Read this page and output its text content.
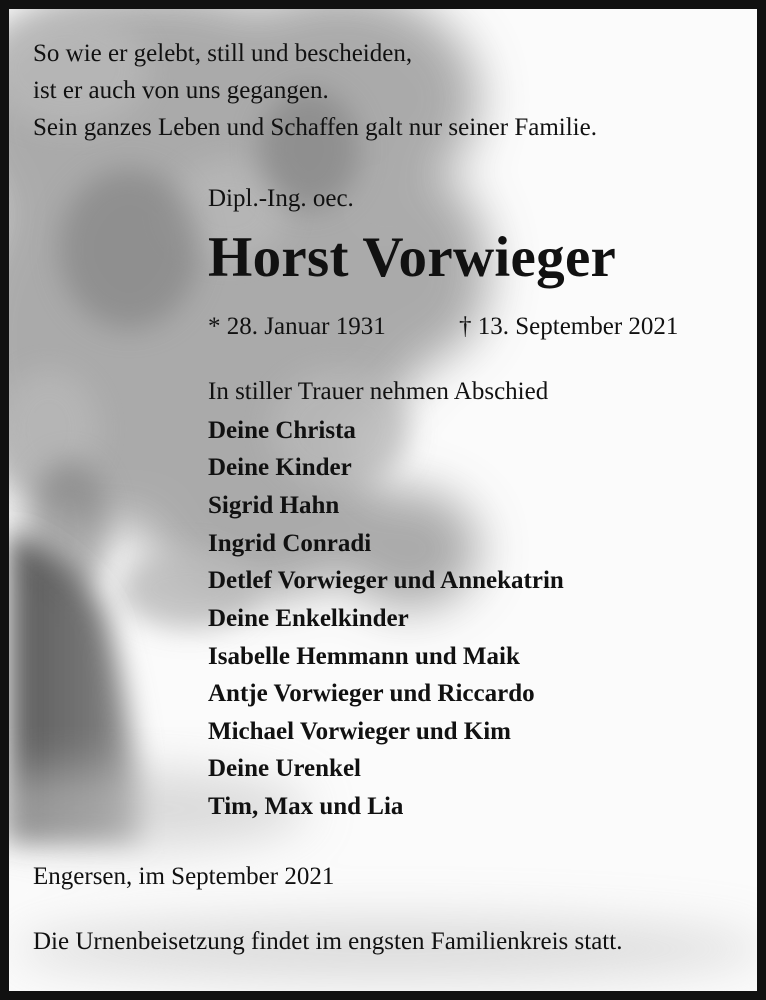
So wie er gelebt, still und bescheiden,
ist er auch von uns gegangen.
Sein ganzes Leben und Schaffen galt nur seiner Familie.
Dipl.-Ing. oec.
Horst Vorwieger
* 28. Januar 1931	† 13. September 2021
In stiller Trauer nehmen Abschied
Deine Christa
Deine Kinder
Sigrid Hahn
Ingrid Conradi
Detlef Vorwieger und Annekatrin
Deine Enkelkinder
Isabelle Hemmann und Maik
Antje Vorwieger und Riccardo
Michael Vorwieger und Kim
Deine Urenkel
Tim, Max und Lia
Engersen, im September 2021
Die Urnenbeisetzung findet im engsten Familienkreis statt.
